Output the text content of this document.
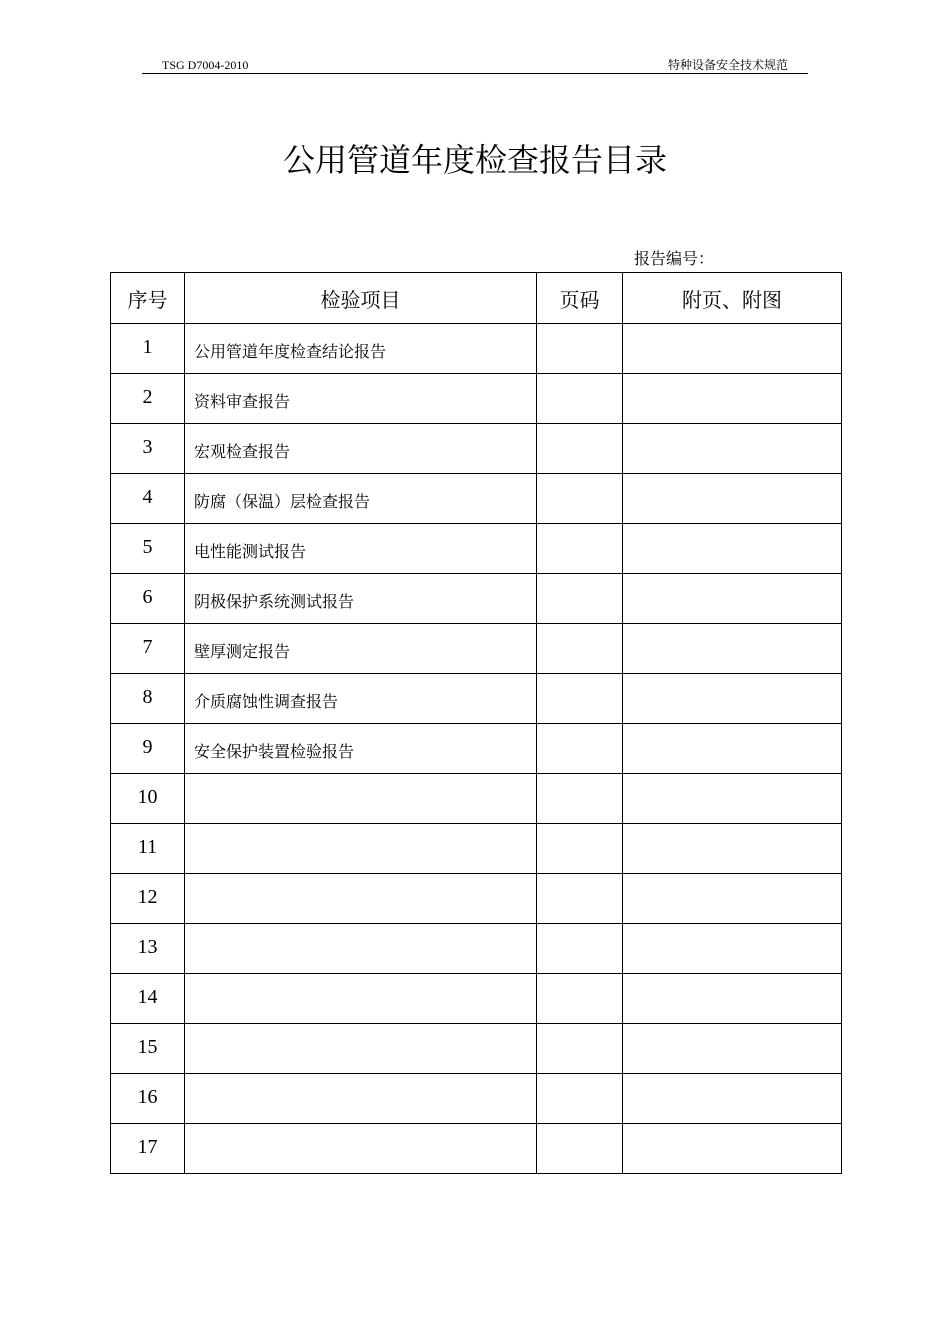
TSG D7004-2010	特种设备安全技术规范
公用管道年度检查报告目录
报告编号：
序号	检验项目	页码	附页、附图
1	公用管道年度检查结论报告		
2	资料审查报告		
3	宏观检查报告		
4	防腐（保温）层检查报告		
5	电性能测试报告		
6	阴极保护系统测试报告		
7	壁厚测定报告		
8	介质腐蚀性调查报告		
9	安全保护装置检验报告		
10			
11			
12			
13			
14			
15			
16			
17			
